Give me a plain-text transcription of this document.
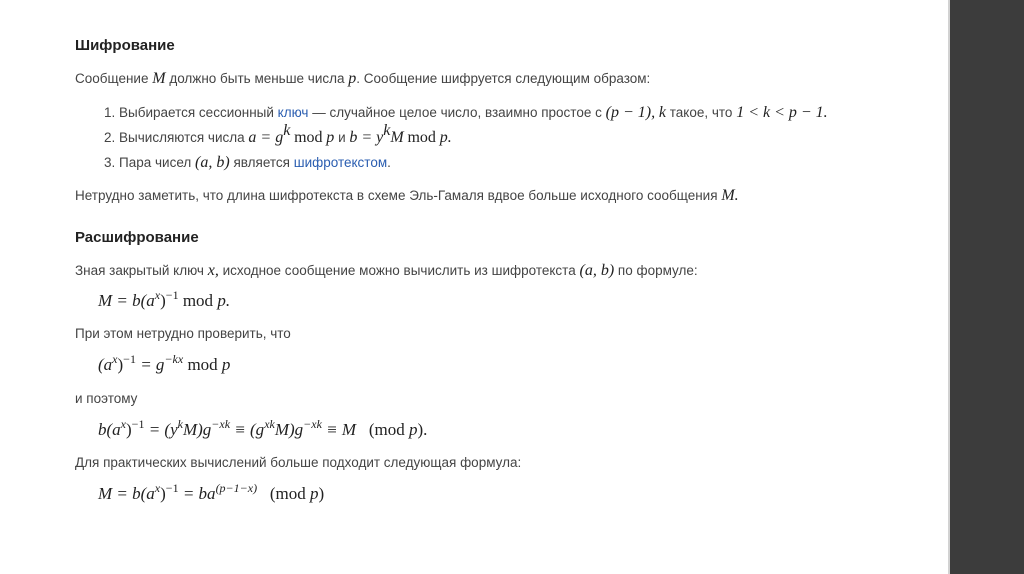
Шифрование
Сообщение M должно быть меньше числа p. Сообщение шифруется следующим образом:
1. Выбирается сессионный ключ — случайное целое число, взаимно простое с (p − 1), k такое, что 1 < k < p − 1.
2. Вычисляются числа $a = g^k$ mod p и $b = y^kM$ mod p.
3. Пара чисел (a, b) является шифротекстом.
Нетрудно заметить, что длина шифротекста в схеме Эль-Гамаля вдвое больше исходного сообщения M.
Расшифрование
Зная закрытый ключ x, исходное сообщение можно вычислить из шифротекста (a, b) по формуле:
$M = b(a^x)^{-1}$ mod p.
При этом нетрудно проверить, что
$(a^x)^{-1} = g^{-kx}$ mod p
и поэтому
$b(a^x)^{-1} = (y^kM)g^{-xk} \equiv (g^{xk}M)g^{-xk} \equiv M$ (mod p).
Для практических вычислений больше подходит следующая формула:
$M = b(a^x)^{-1} = ba^{(p-1-x)}$ (mod p)
